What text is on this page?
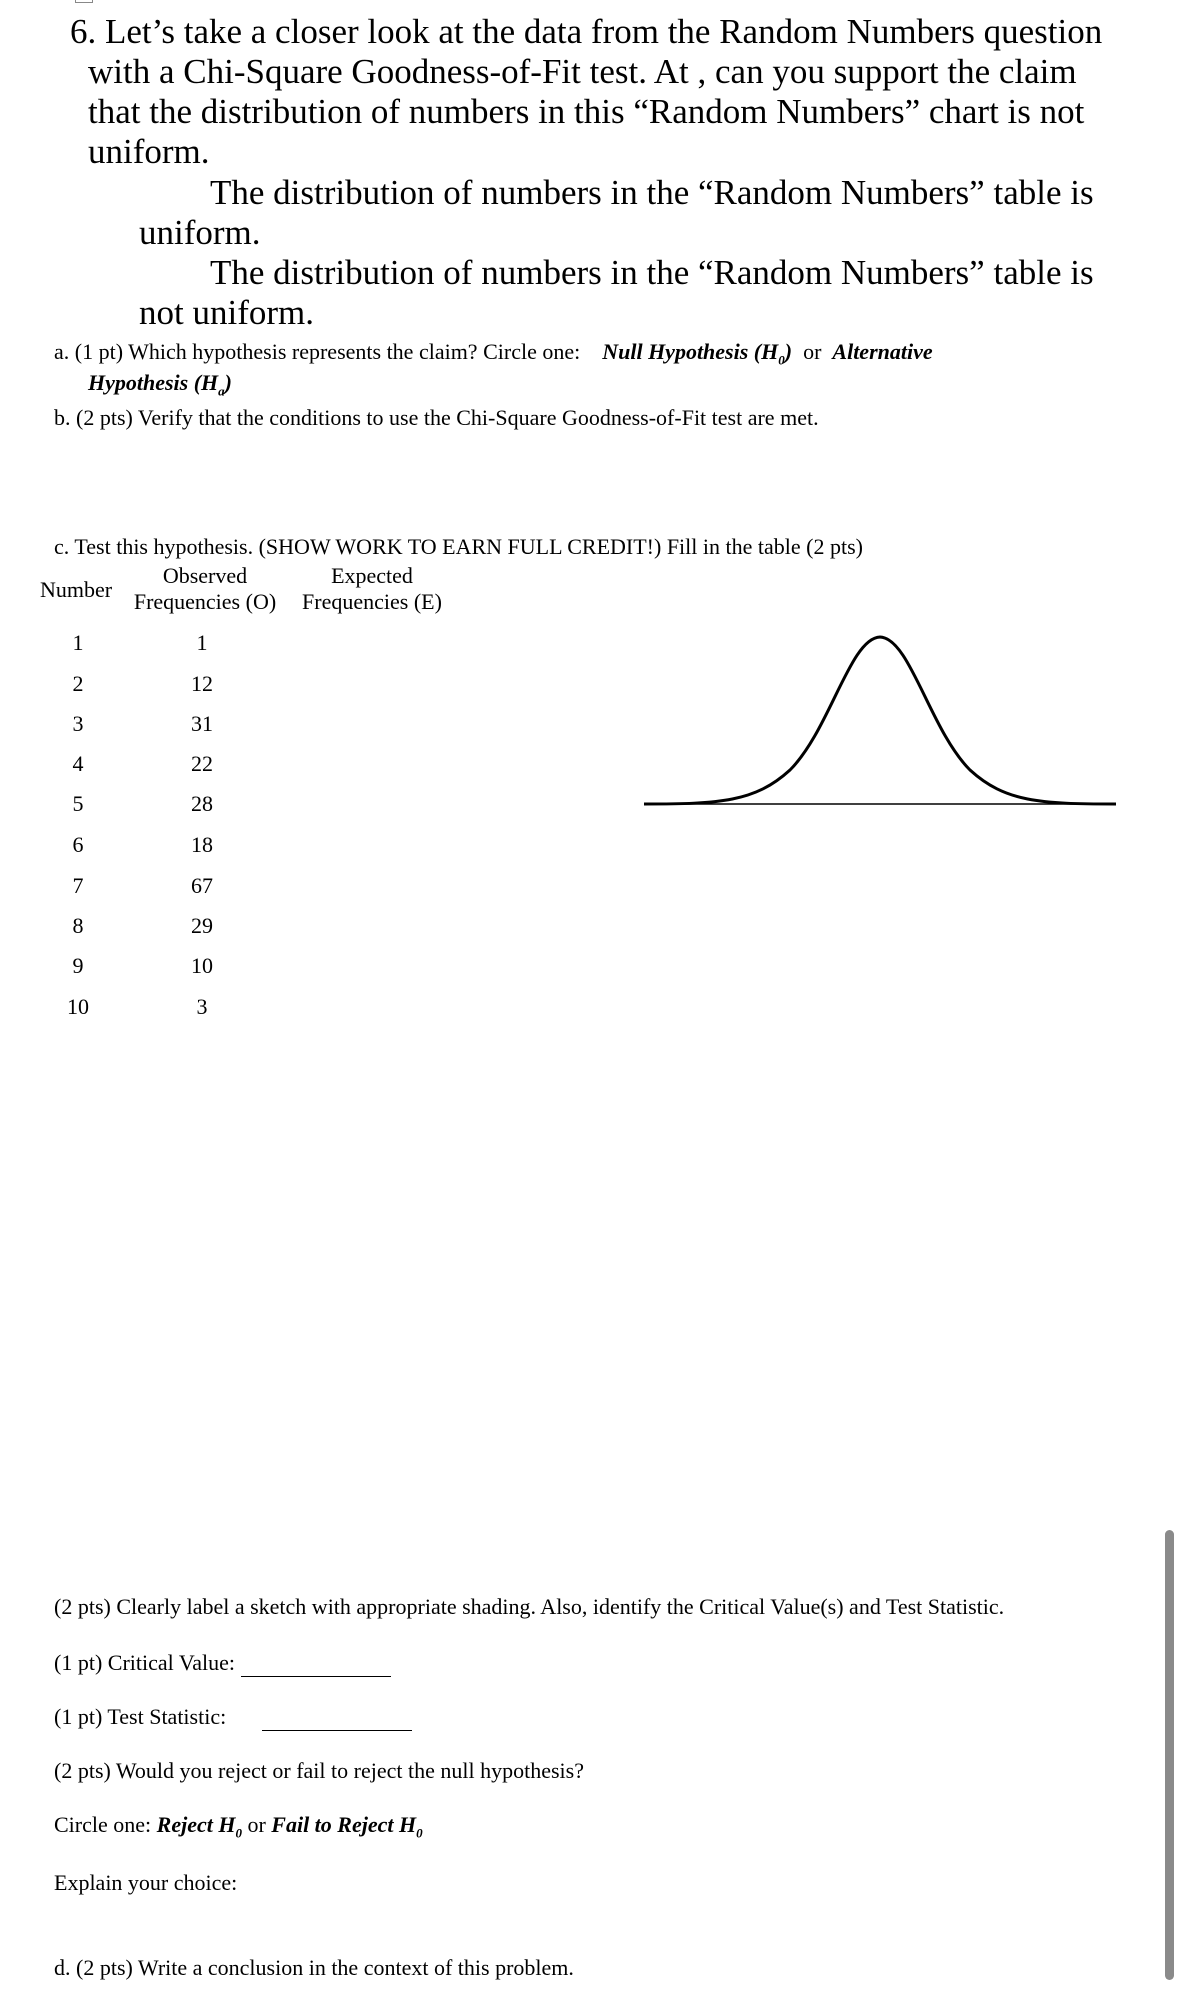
6. Let’s take a closer look at the data from the Random Numbers question
with a Chi-Square Goodness-of-Fit test. At , can you support the claim
that the distribution of numbers in this “Random Numbers” chart is not
uniform.
The distribution of numbers in the “Random Numbers” table is
uniform.
The distribution of numbers in the “Random Numbers” table is
not uniform.
a. (1 pt) Which hypothesis represents the claim? Circle one: Null Hypothesis $(H_0)$ or Alternative
Hypothesis $(H_a)$
b. (2 pts) Verify that the conditions to use the Chi-Square Goodness-of-Fit test are met.
c. Test this hypothesis. (SHOW WORK TO EARN FULL CREDIT!) Fill in the table (2 pts)
Number
Observed
Frequencies (O)
Expected
Frequencies (E)
1	1
2	12
3	31
4	22
5	28
6	18
7	67
8	29
9	10
10	3
(2 pts) Clearly label a sketch with appropriate shading. Also, identify the Critical Value(s) and Test Statistic.
(1 pt) Critical Value:
(1 pt) Test Statistic:
(2 pts) Would you reject or fail to reject the null hypothesis?
Circle one: Reject $H_0$ or Fail to Reject $H_0$
Explain your choice:
d. (2 pts) Write a conclusion in the context of this problem.
